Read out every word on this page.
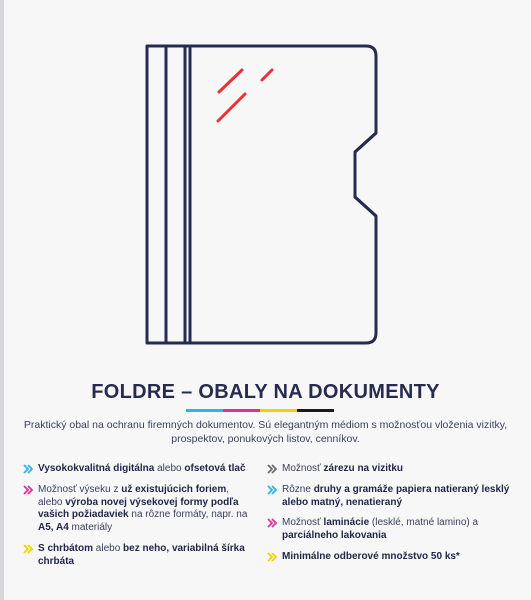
FOLDRE – OBALY NA DOKUMENTY
Praktický obal na ochranu firemných dokumentov. Sú elegantným médiom s možnosťou vloženia vizitky, prospektov, ponukových listov, cenníkov.
Vysokokvalitná digitálna alebo ofsetová tlač
Možnosť výseku z už existujúcich foriem, alebo výroba novej výsekovej formy podľa vašich požiadaviek na rôzne formáty, napr. na A5, A4 materiály
S chrbátom alebo bez neho, variabilná šírka chrbáta
Možnosť zárezu na vizitku
Rôzne druhy a gramáže papiera natieraný lesklý alebo matný, nenatieraný
Možnosť laminácie (lesklé, matné lamino) a parciálneho lakovania
Minimálne odberové množstvo 50 ks*
